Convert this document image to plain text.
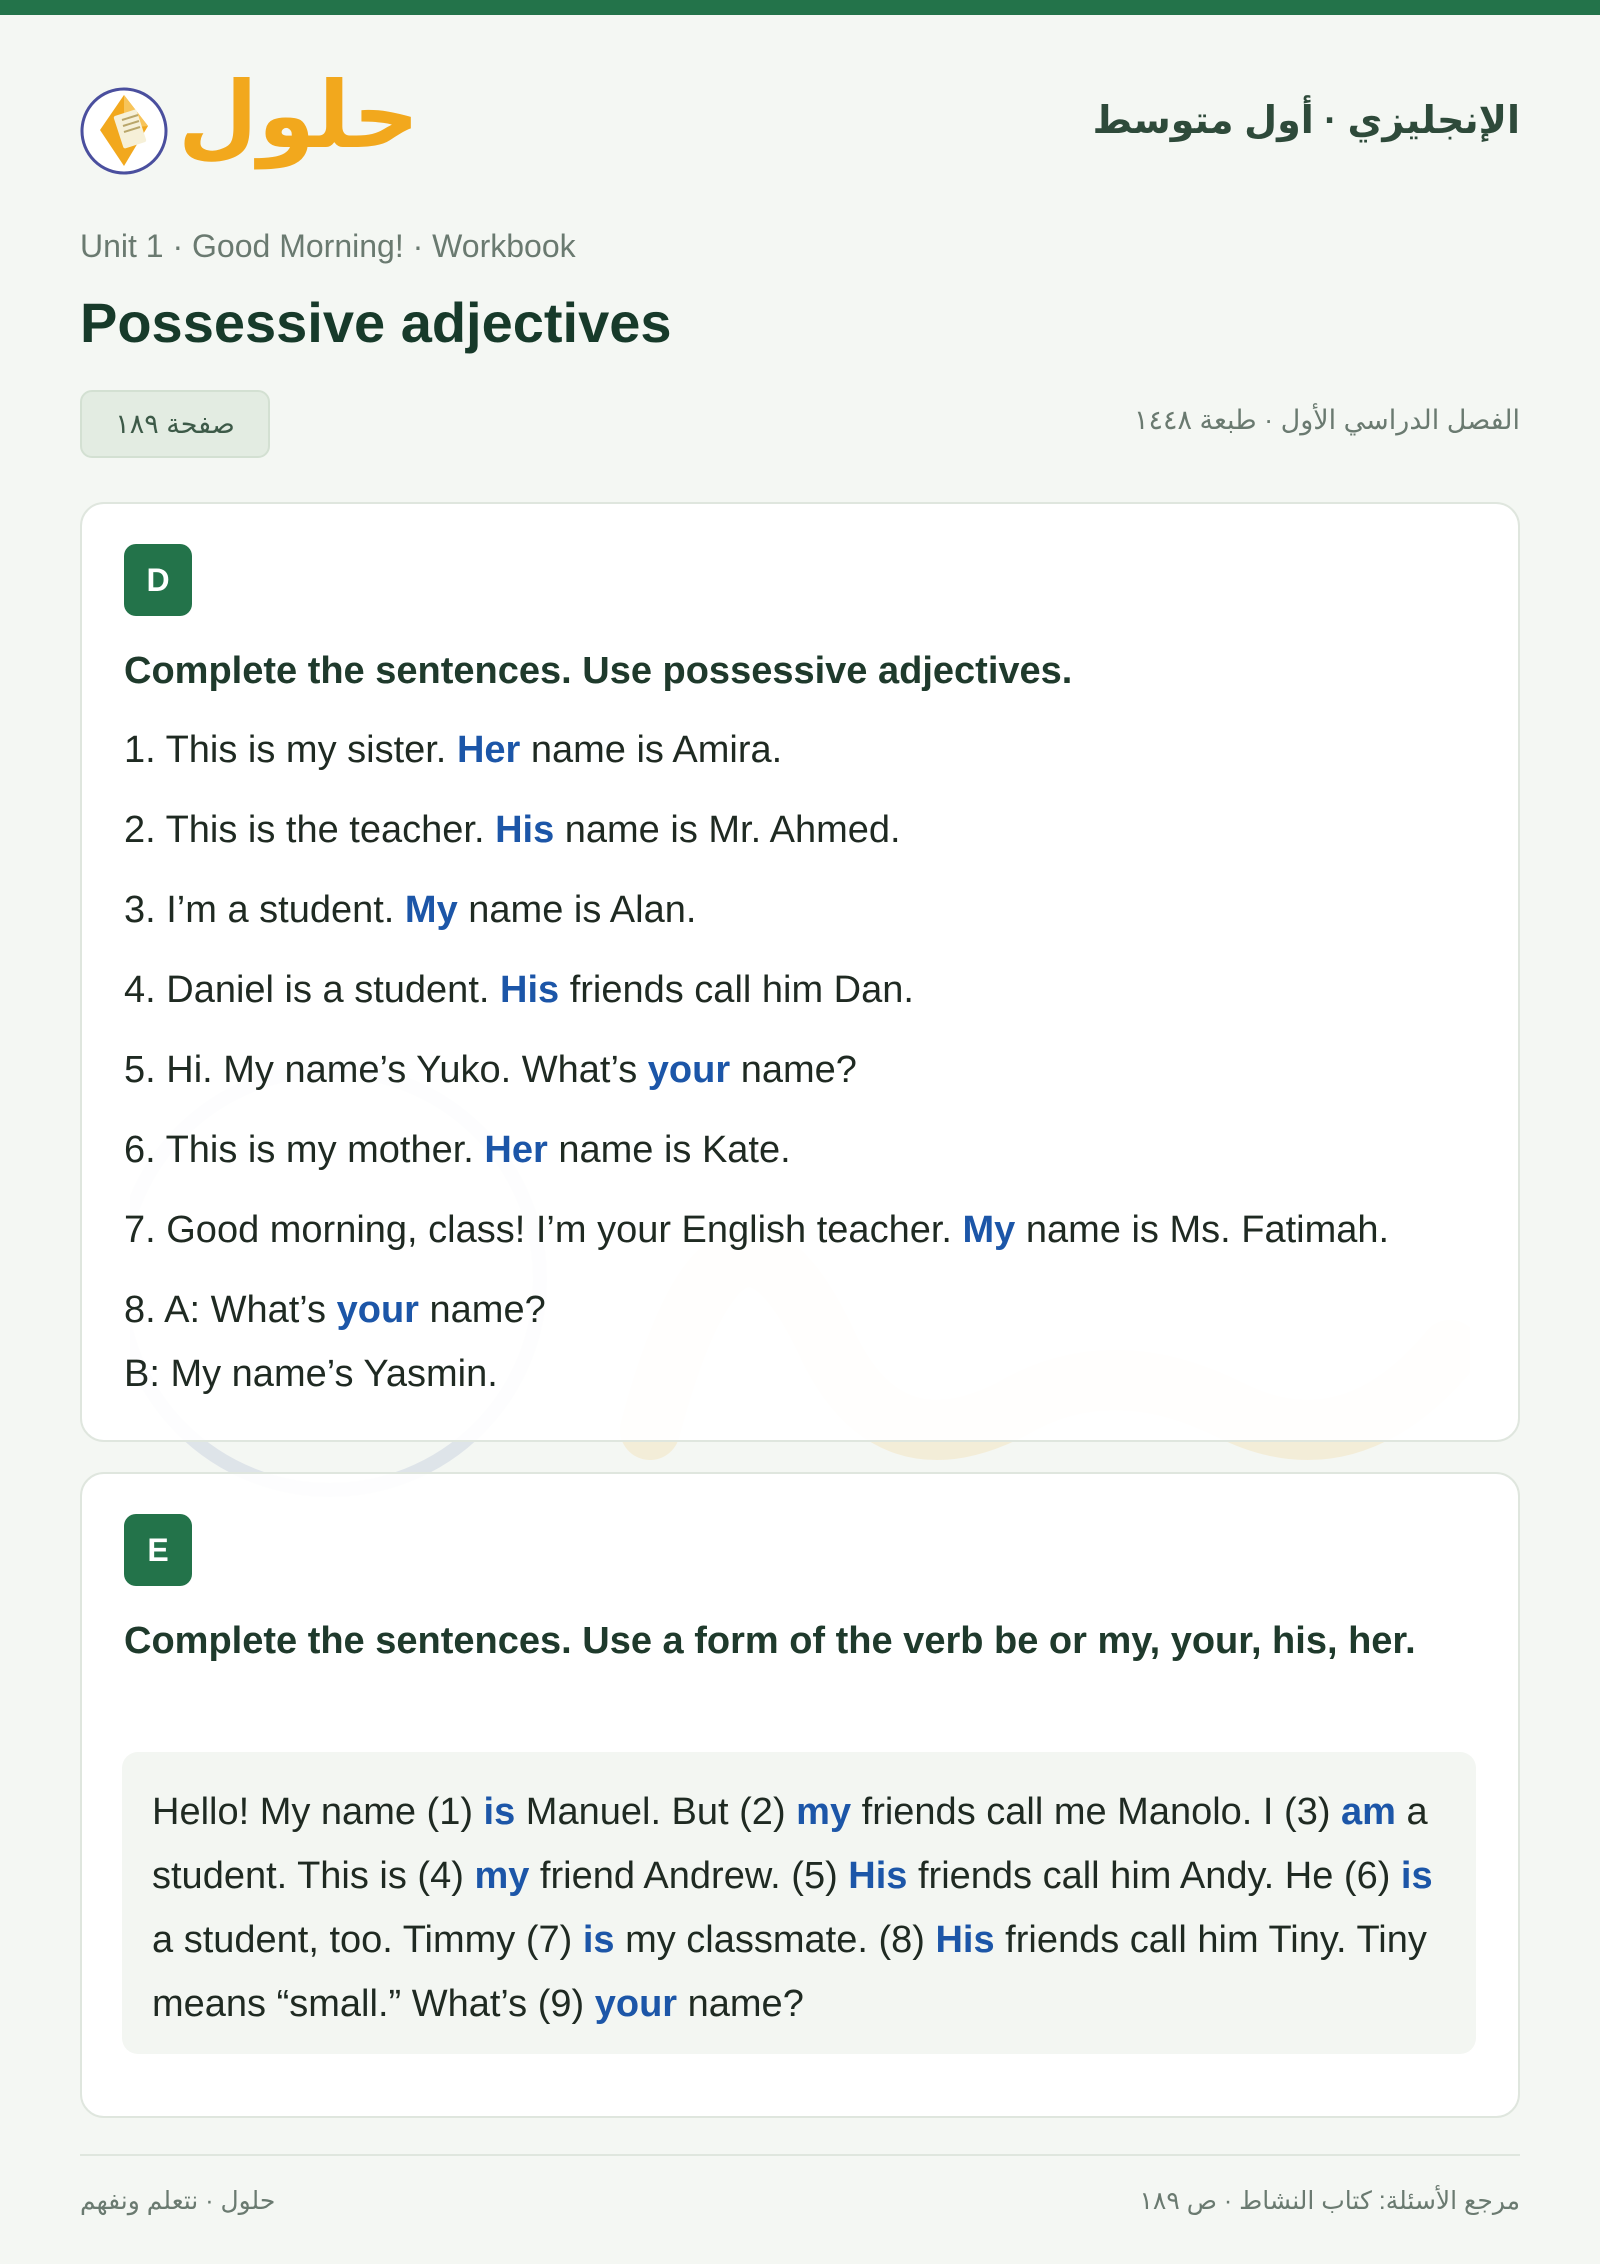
حلول	الإنجليزي · أول متوسط
Unit 1 · Good Morning! · Workbook
Possessive adjectives
صفحة ١٨٩	الفصل الدراسي الأول · طبعة ١٤٤٨
D
Complete the sentences. Use possessive adjectives.
1. This is my sister. Her name is Amira.
2. This is the teacher. His name is Mr. Ahmed.
3. I’m a student. My name is Alan.
4. Daniel is a student. His friends call him Dan.
5. Hi. My name’s Yuko. What’s your name?
6. This is my mother. Her name is Kate.
7. Good morning, class! I’m your English teacher. My name is Ms. Fatimah.
8. A: What’s your name?
B: My name’s Yasmin.
E
Complete the sentences. Use a form of the verb be or my, your, his, her.
Hello! My name (1) is Manuel. But (2) my friends call me Manolo. I (3) am a student. This is (4) my friend Andrew. (5) His friends call him Andy. He (6) is a student, too. Timmy (7) is my classmate. (8) His friends call him Tiny. Tiny means “small.” What’s (9) your name?
مرجع الأسئلة: كتاب النشاط · ص ١٨٩
حلول · نتعلم ونفهم
